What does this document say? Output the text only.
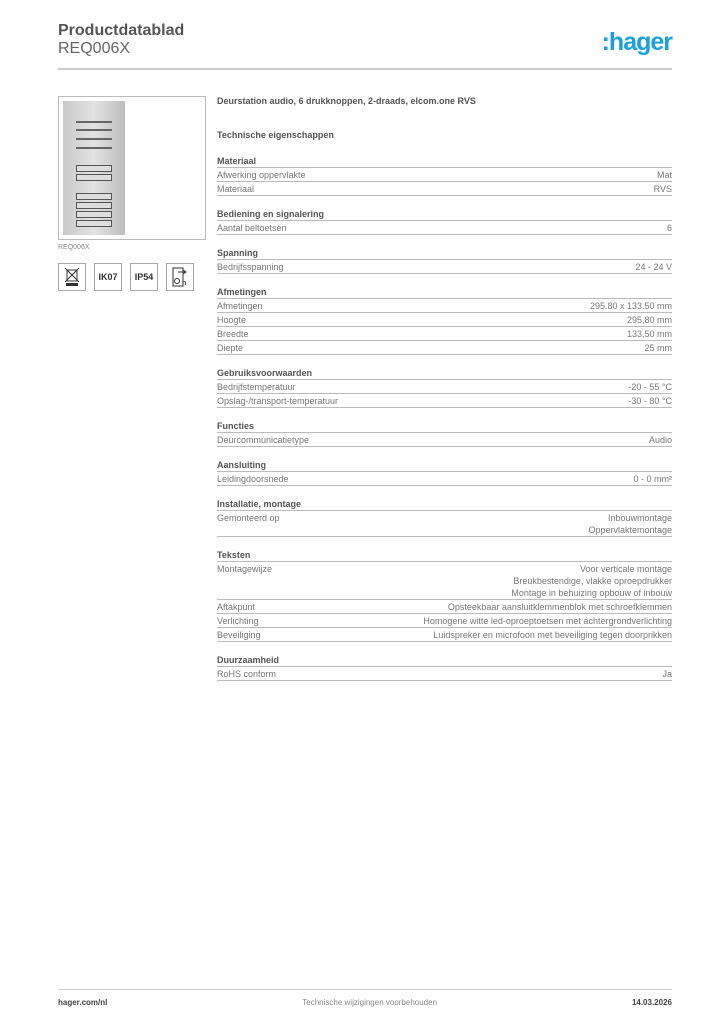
Productdatablad
REQ006X	:hager
REQ006X
IK07	IP54
n
Deurstation audio, 6 drukknoppen, 2-draads, elcom.one RVS
Technische eigenschappen
Materiaal
Afwerking oppervlakte	Mat
Materiaal	RVS
Bediening en signalering
Aantal beltoetsen	6
Spanning
Bedrijfsspanning	24 - 24 V
Afmetingen
Afmetingen	295.80 x 133.50 mm
Hoogte	295,80 mm
Breedte	133,50 mm
Diepte	25 mm
Gebruiksvoorwaarden
Bedrijfstemperatuur	-20 - 55 °C
Opslag-/transport-temperatuur	-30 - 80 °C
Functies
Deurcommunicatietype	Audio
Aansluiting
Leidingdoorsnede	0 - 0 mm²
Installatie, montage
Gemonteerd op	Inbouwmontage
Oppervlaktemontage
Teksten
Montagewijze	Voor verticale montage
Breukbestendige, vlakke oproepdrukker
Montage in behuizing opbouw of inbouw
Aftakpunt	Opsteekbaar aansluitklemmenblok met schroefklemmen
Verlichting	Homogene witte led-oproeptoetsen met achtergrondverlichting
Beveiliging	Luidspreker en microfoon met beveiliging tegen doorprikken
Duurzaamheid
RoHS conform	Ja
hager.com/nl	Technische wijzigingen voorbehouden	14.03.2026
